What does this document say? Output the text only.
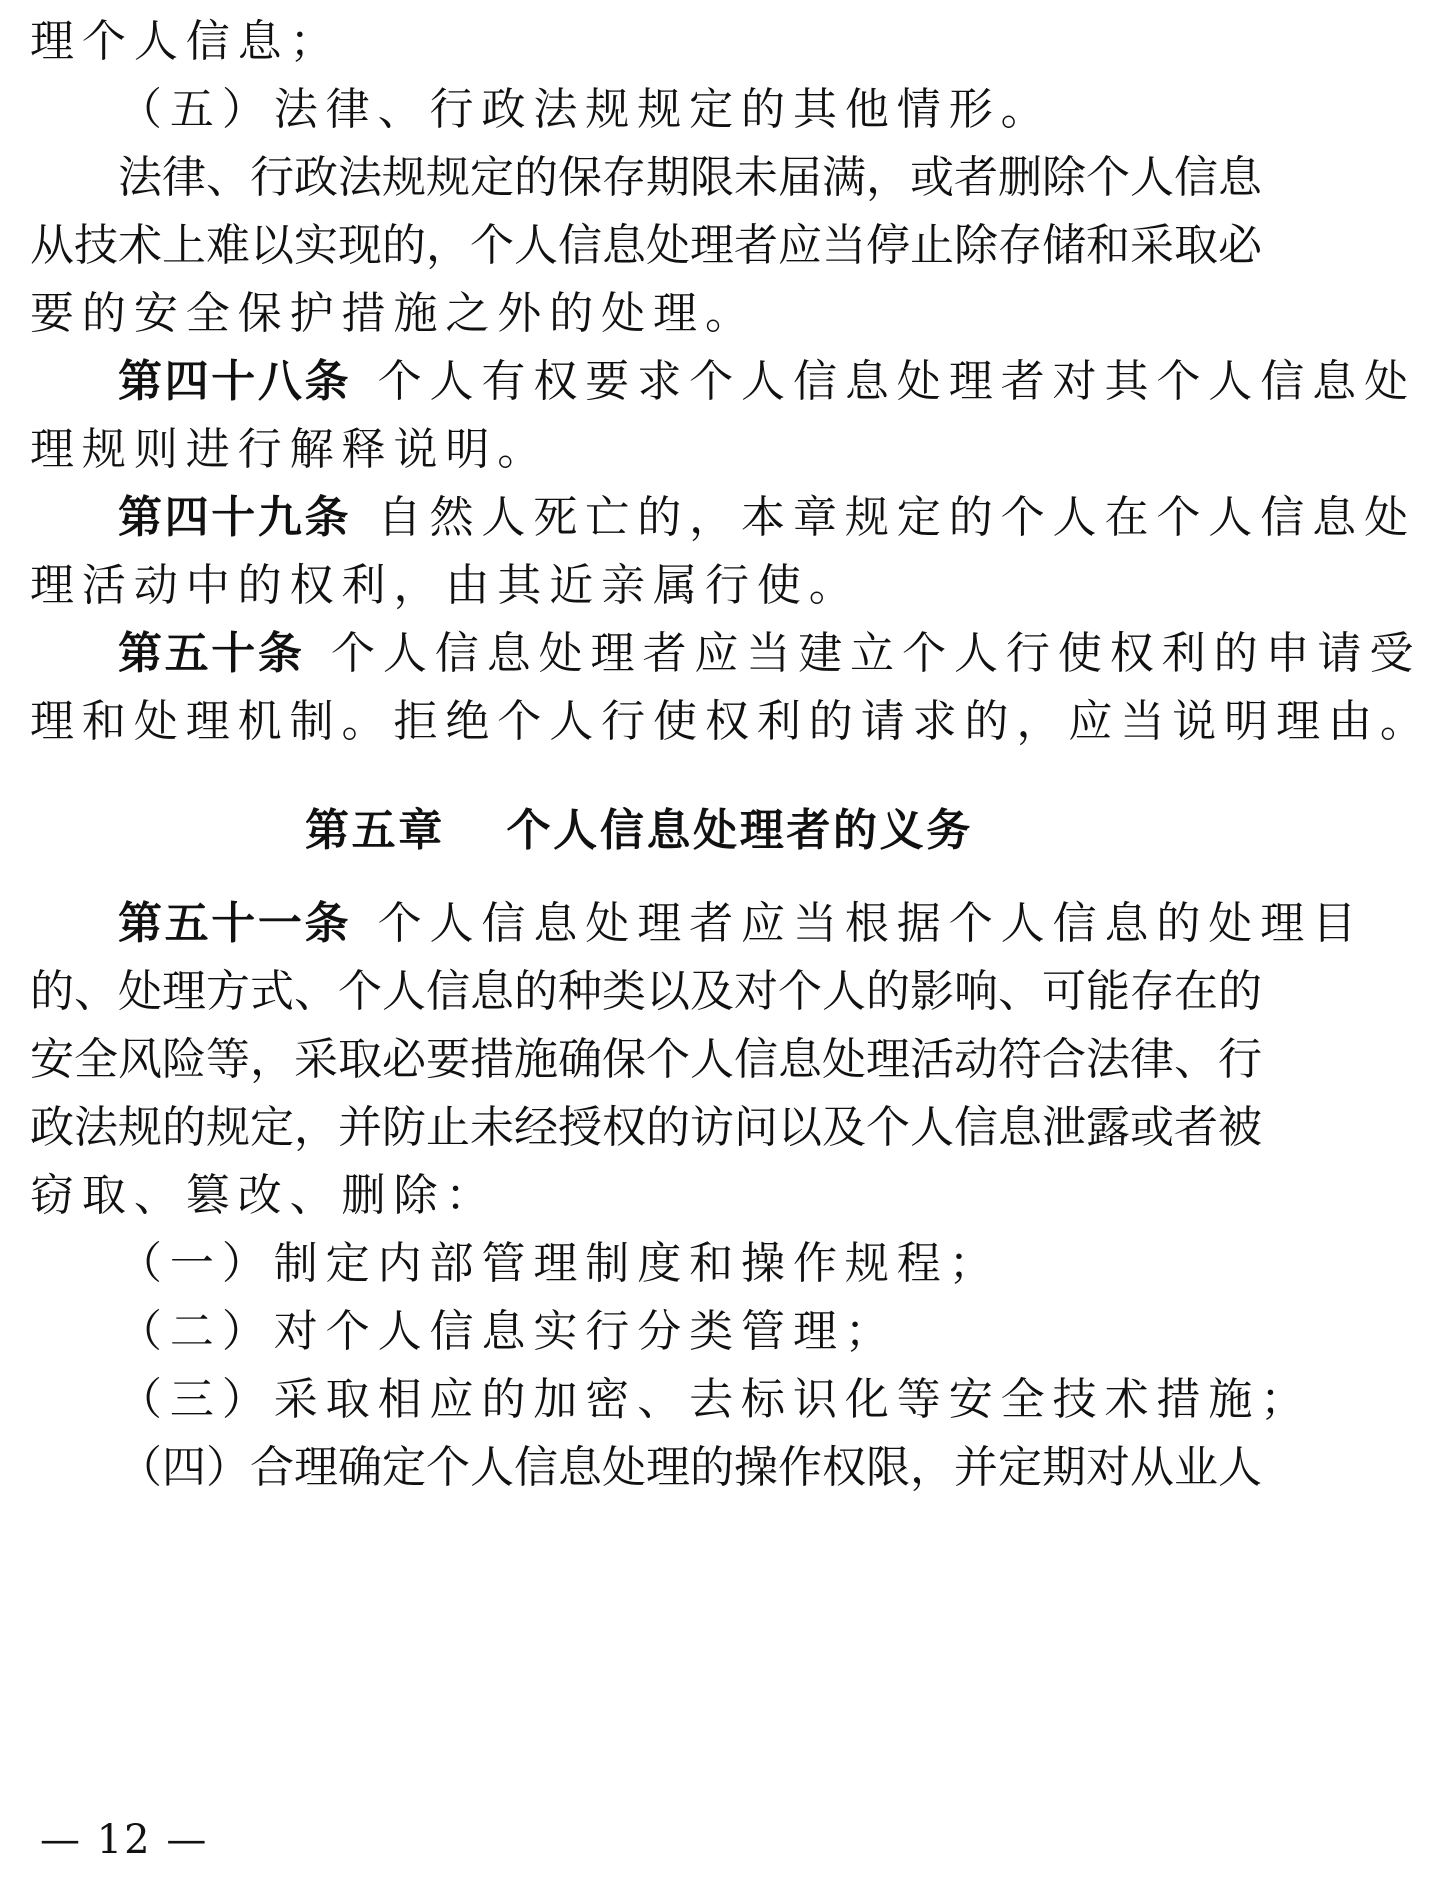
理个人信息；
（五）法律、行政法规规定的其他情形。
法律、行政法规规定的保存期限未届满，或者删除个人信息
从技术上难以实现的，个人信息处理者应当停止除存储和采取必
要的安全保护措施之外的处理。
第四十八条 个人有权要求个人信息处理者对其个人信息处
理规则进行解释说明。
第四十九条 自然人死亡的，本章规定的个人在个人信息处
理活动中的权利，由其近亲属行使。
第五十条 个人信息处理者应当建立个人行使权利的申请受
理和处理机制。拒绝个人行使权利的请求的，应当说明理由。
第五章 个人信息处理者的义务
第五十一条 个人信息处理者应当根据个人信息的处理目
的、处理方式、个人信息的种类以及对个人的影响、可能存在的
安全风险等，采取必要措施确保个人信息处理活动符合法律、行
政法规的规定，并防止未经授权的访问以及个人信息泄露或者被
窃取、篡改、删除：
（一）制定内部管理制度和操作规程；
（二）对个人信息实行分类管理；
（三）采取相应的加密、去标识化等安全技术措施；
（四）合理确定个人信息处理的操作权限，并定期对从业人
— 12 —
